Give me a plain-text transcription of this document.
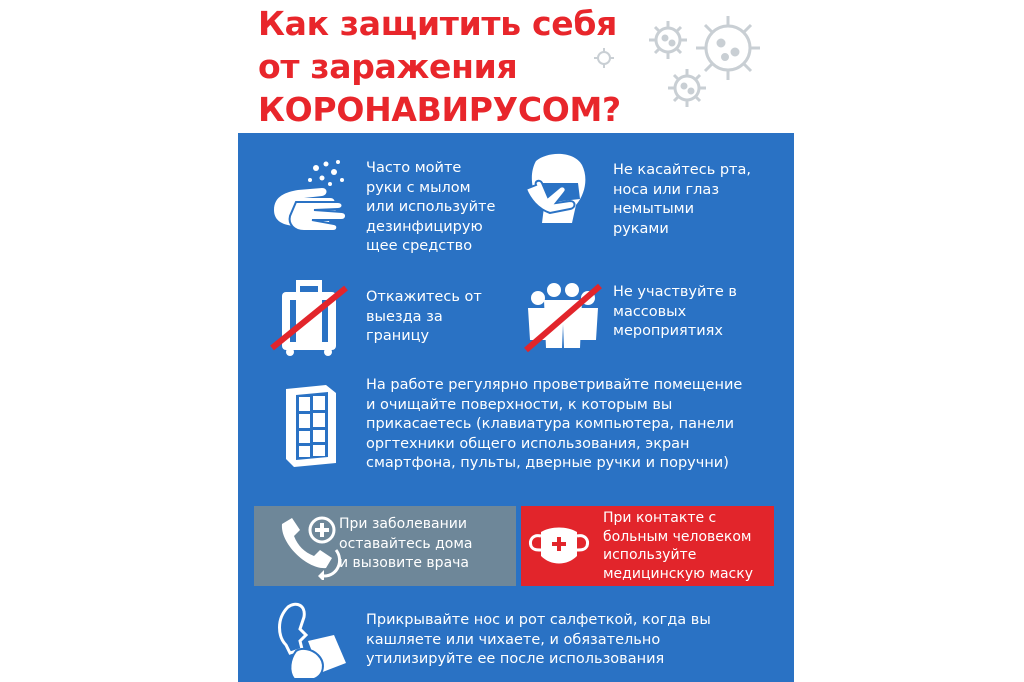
Как защитить себя
от заражения
КОРОНАВИРУСОМ?

Часто мойте
руки с мылом
или используйте
дезинфицирую
щее средство

Не касайтесь рта,
носа или глаз
немытыми
руками

Откажитесь от
выезда за
границу

Не участвуйте в
массовых
мероприятиях

На работе регулярно проветривайте помещение
и очищайте поверхности, к которым вы
прикасаетесь (клавиатура компьютера, панели
оргтехники общего использования, экран
смартфона, пульты, дверные ручки и поручни)

При заболевании
оставайтесь дома
и вызовите врача

При контакте с
больным человеком
используйте
медицинскую маску

Прикрывайте нос и рот салфеткой, когда вы
кашляете или чихаете, и обязательно
утилизируйте ее после использования
